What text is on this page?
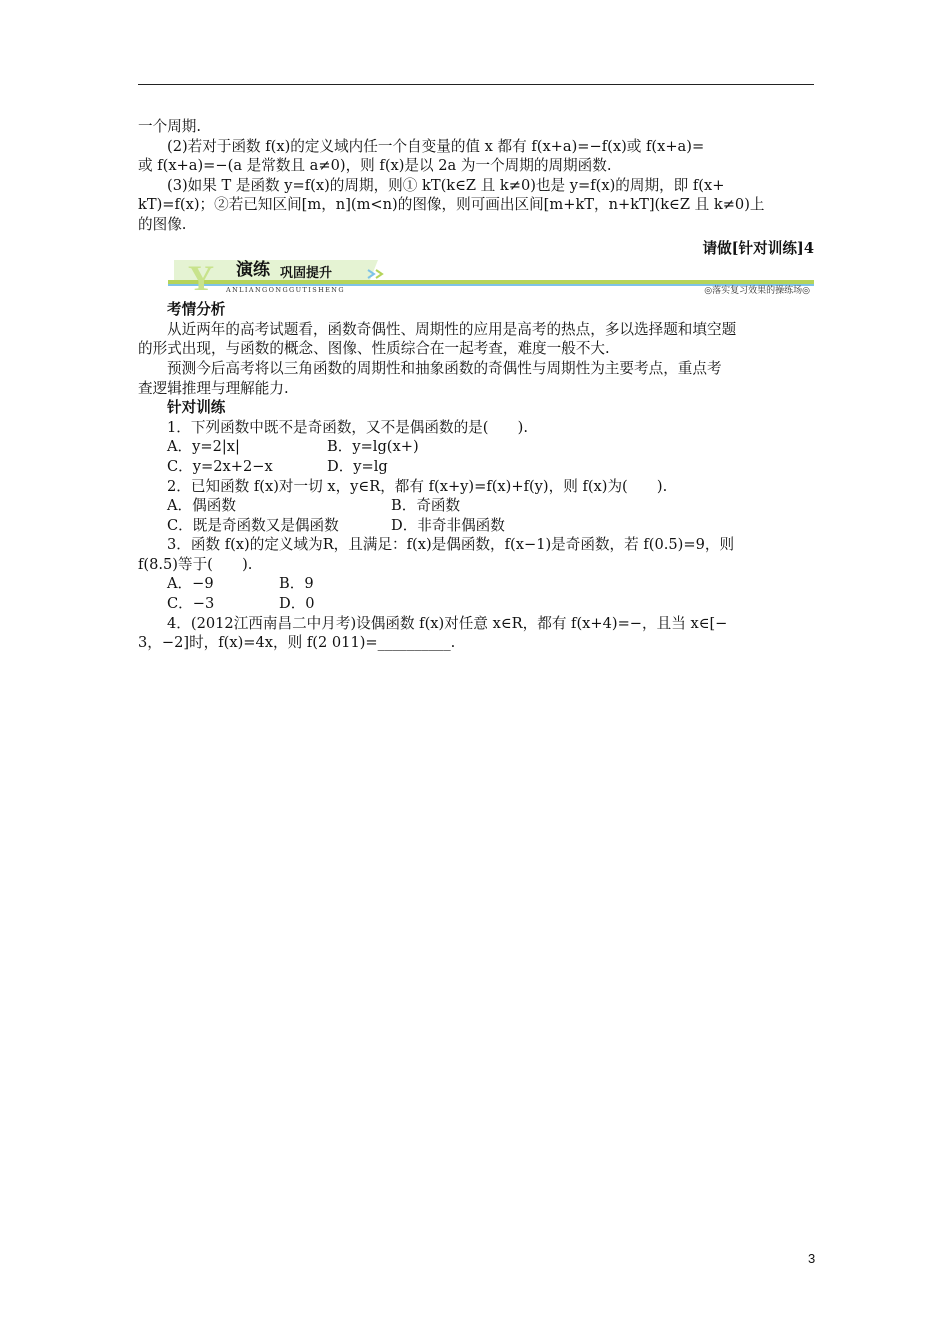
一个周期.

(2)若对于函数 f(x)的定义域内任一个自变量的值 x 都有 f(x+a)=−f(x)或 f(x+a)=

或 f(x+a)=−(a 是常数且 a≠0)，则 f(x)是以 2a 为一个周期的周期函数.

(3)如果 T 是函数 y=f(x)的周期，则① kT(k∈Z 且 k≠0)也是 y=f(x)的周期，即 f(x+

kT)=f(x)；②若已知区间[m，n](m<n)的图像，则可画出区间[m+kT，n+kT](k∈Z 且 k≠0)上

的图像.

请做[针对训练]4

Y 演练 巩固提升
ANLIANGONGGUTISHENG	◎落实复习效果的操练场◎

考情分析

从近两年的高考试题看，函数奇偶性、周期性的应用是高考的热点，多以选择题和填空题

的形式出现，与函数的概念、图像、性质综合在一起考查，难度一般不大.

预测今后高考将以三角函数的周期性和抽象函数的奇偶性与周期性为主要考点，重点考

查逻辑推理与理解能力.

针对训练

1．下列函数中既不是奇函数，又不是偶函数的是(　　).

A．y=2|x|	B．y=lg(x+)
C．y=2x+2−x	D．y=lg

2．已知函数 f(x)对一切 x，y∈R，都有 f(x+y)=f(x)+f(y)，则 f(x)为(　　).

A．偶函数	B．奇函数
C．既是奇函数又是偶函数	D．非奇非偶函数

3．函数 f(x)的定义域为R，且满足：f(x)是偶函数，f(x−1)是奇函数，若 f(0.5)=9，则

f(8.5)等于(　　).

A．−9	B．9
C．−3	D．0

4．(2012江西南昌二中月考)设偶函数 f(x)对任意 x∈R，都有 f(x+4)=−，且当 x∈[−

3，−2]时，f(x)=4x，则 f(2 011)=__________.

3
